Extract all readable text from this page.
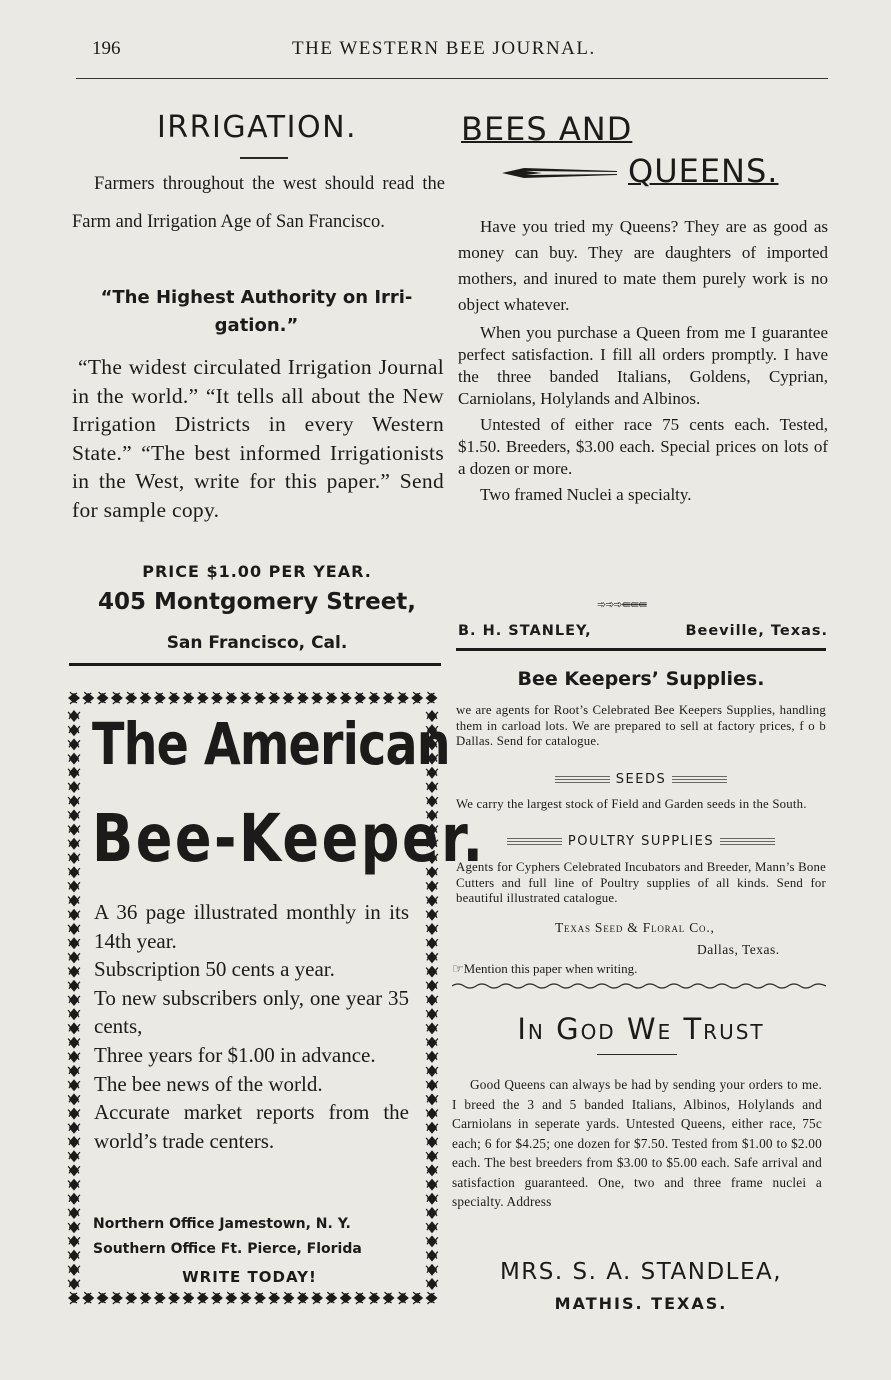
196	THE WESTERN BEE JOURNAL.
IRRIGATION.
Farmers throughout the west should read the Farm and Irrigation Age of San Francisco.
“The Highest Authority on Irri-
gation.”
“The widest circulated Irrigation Journal in the world.” “It tells all about the New Irrigation Districts in every Western State.” “The best informed Irrigationists in the West, write for this paper.” Send for sample copy.
PRICE $1.00 PER YEAR.
405 Montgomery Street,
San Francisco, Cal.
BEES AND
QUEENS.

Have you tried my Queens? They are as good as money can buy. They are daughters of imported mothers, and inured to mate them purely work is no object whatever.

When you purchase a Queen from me I guarantee perfect satisfaction. I fill all orders promptly. I have the three banded Italians, Goldens, Cyprian, Carniolans, Holylands and Albinos.

Untested of either race 75 cents each. Tested, $1.50. Breeders, $3.00 each. Special prices on lots of a dozen or more.

Two framed Nuclei a specialty.

➾➾➾⇚⇚⇚
B. H. STANLEY,	Beeville, Texas.
Bee Keepers’ Supplies.
we are agents for Root’s Celebrated Bee Keepers Supplies, handling them in carload lots. We are prepared to sell at factory prices, f o b Dallas. Send for catalogue.
SEEDS
We carry the largest stock of Field and Garden seeds in the South.
POULTRY SUPPLIES
Agents for Cyphers Celebrated Incubators and Breeder, Mann’s Bone Cutters and full line of Poultry supplies of all kinds. Send for beautiful illustrated catalogue.
Texas Seed & Floral Co.,
Dallas, Texas.
☞Mention this paper when writing.
In God We Trust
Good Queens can always be had by sending your orders to me. I breed the 3 and 5 banded Italians, Albinos, Holylands and Carniolans in seperate yards. Untested Queens, either race, 75c each; 6 for $4.25; one dozen for $7.50. Tested from $1.00 to $2.00 each. The best breeders from $3.00 to $5.00 each. Safe arrival and satisfaction guaranteed. One, two and three frame nuclei a specialty. Address
MRS. S. A. STANDLEA,
MATHIS. TEXAS.
The American
Bee-Keeper.

A 36 page illustrated monthly in its 14th year.

Subscription 50 cents a year.

To new subscribers only, one year 35 cents,

Three years for $1.00 in advance.

The bee news of the world.

Accurate market reports from the world’s trade centers.

Northern Office Jamestown, N. Y.
Southern Office Ft. Pierce, Florida
WRITE TODAY!
